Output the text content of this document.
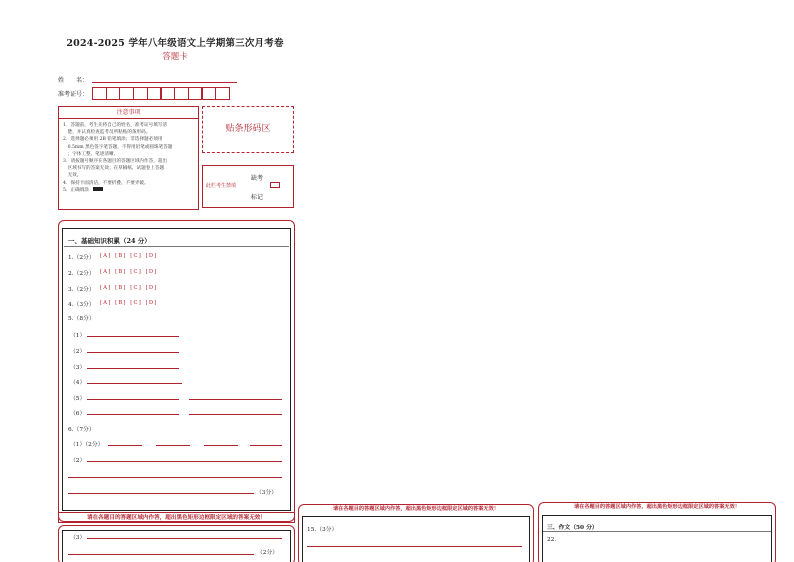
2024-2025 学年八年级语文上学期第三次月考卷
答题卡
姓　　名：
准考证号：
注意事项
1．答题前，考生先将自己的姓名，准考证号填写清
　楚，并认真检查监考员所粘贴的条形码。
2．选择题必须用 2B 铅笔填涂；非选择题必须用
　0.5mm 黑色签字笔答题，不得用铅笔或圆珠笔答题
　；字体工整、笔迹清晰。
3．请按题号顺序在各题目的答题区域内作答，超出
　区域书写的答案无效；在草稿纸、试题卷上答题
　无效。
4．保持卡面清洁，不要折叠、不要弄破。
5．正确填涂
贴条形码区
缺考
此栏考生禁填
标记
一、基础知识积累（24 分）
1.（2分）	[ A ] [ B ] [ C ] [ D ]
2.（2分）	[ A ] [ B ] [ C ] [ D ]
3.（2分）	[ A ] [ B ] [ C ] [ D ]
4.（3分）	[ A ] [ B ] [ C ] [ D ]
5.（8分）
（1）
（2）
（3）
（4）
（5）
（6）
6.（7分）
（1）（2分）
（2）
（3分）
请在各题目的答题区域内作答，超出黑色矩形边框限定区域的答案无效！
（3）
（2分）
请在各题目的答题区域内作答，超出黑色矩形边框限定区域的答案无效！
15.（3分）
请在各题目的答题区域内作答，超出黑色矩形边框限定区域的答案无效！
三、作文（50 分）
22.
